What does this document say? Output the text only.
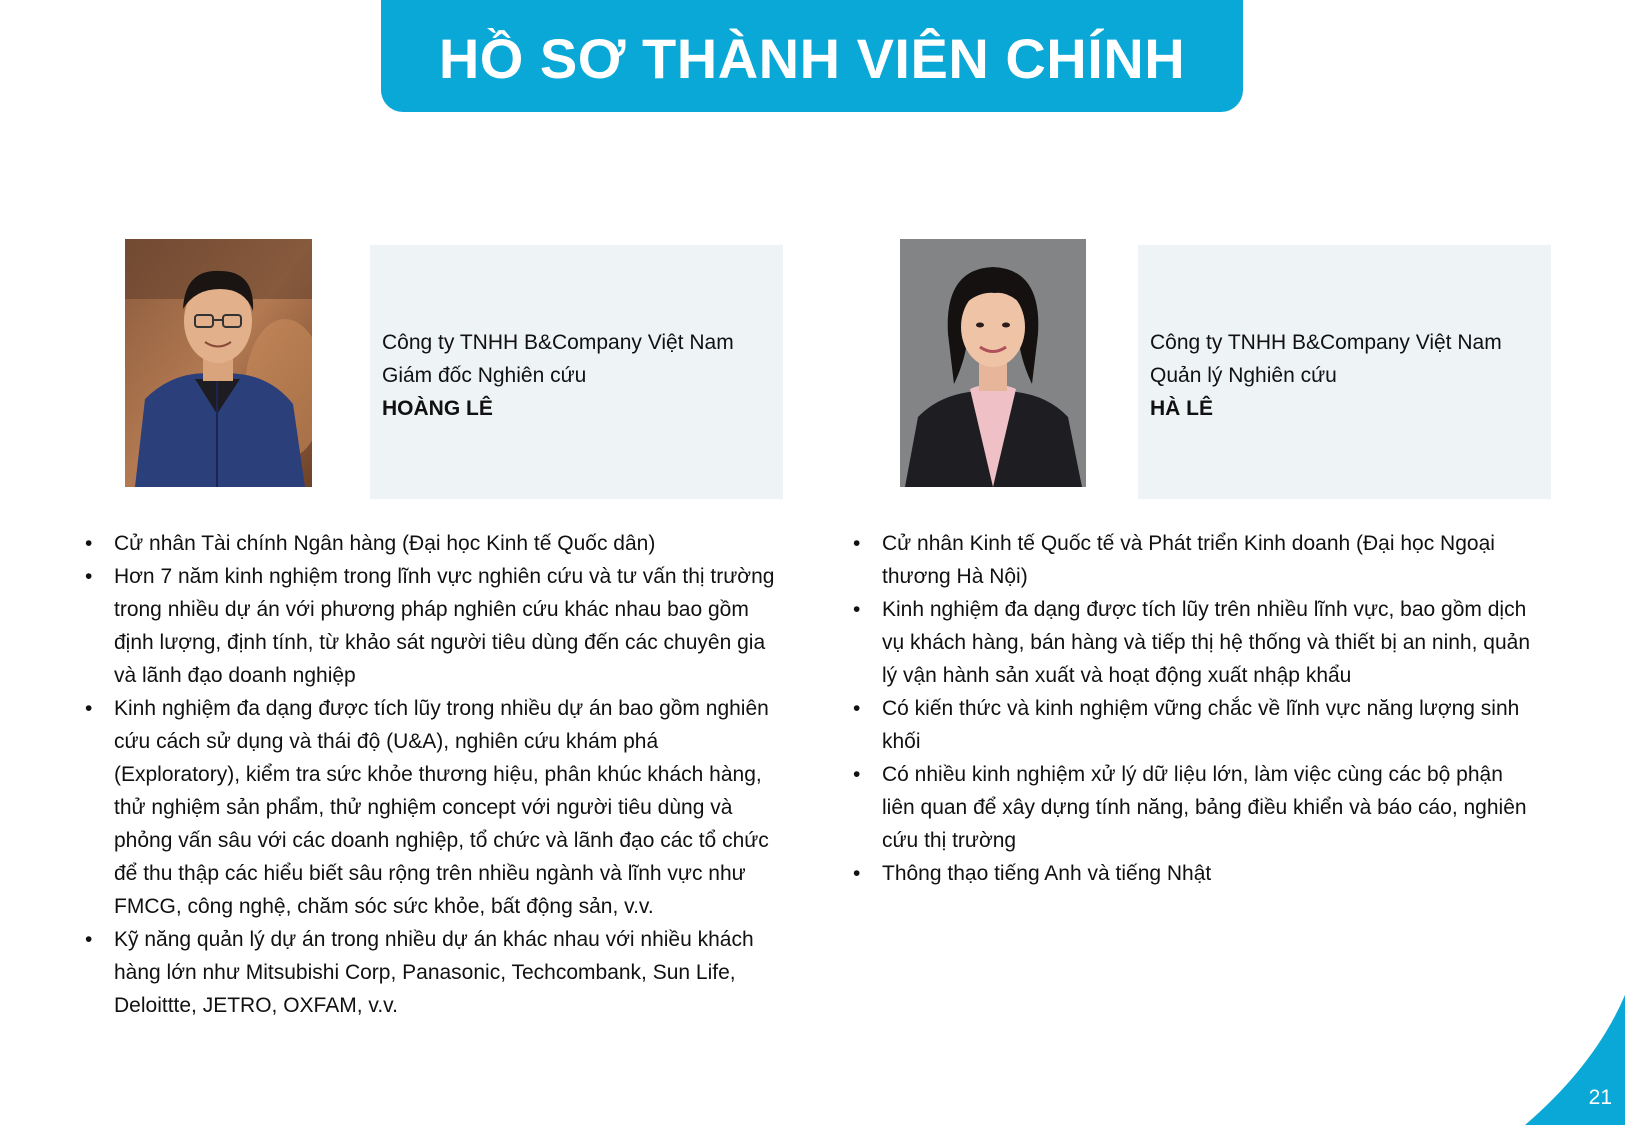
HỒ SƠ THÀNH VIÊN CHÍNH
Công ty TNHH B&Company Việt Nam
Giám đốc Nghiên cứu
HOÀNG LÊ
Công ty TNHH B&Company Việt Nam
Quản lý Nghiên cứu
HÀ LÊ
• Cử nhân Tài chính Ngân hàng (Đại học Kinh tế Quốc dân)
• Hơn 7 năm kinh nghiệm trong lĩnh vực nghiên cứu và tư vấn thị trường trong nhiều dự án với phương pháp nghiên cứu khác nhau bao gồm định lượng, định tính, từ khảo sát người tiêu dùng đến các chuyên gia và lãnh đạo doanh nghiệp
• Kinh nghiệm đa dạng được tích lũy trong nhiều dự án bao gồm nghiên cứu cách sử dụng và thái độ (U&A), nghiên cứu khám phá (Exploratory), kiểm tra sức khỏe thương hiệu, phân khúc khách hàng, thử nghiệm sản phẩm, thử nghiệm concept với người tiêu dùng và phỏng vấn sâu với các doanh nghiệp, tổ chức và lãnh đạo các tổ chức để thu thập các hiểu biết sâu rộng trên nhiều ngành và lĩnh vực như FMCG, công nghệ, chăm sóc sức khỏe, bất động sản, v.v.
• Kỹ năng quản lý dự án trong nhiều dự án khác nhau với nhiều khách hàng lớn như Mitsubishi Corp, Panasonic, Techcombank, Sun Life, Deloittte, JETRO, OXFAM, v.v.
• Cử nhân Kinh tế Quốc tế và Phát triển Kinh doanh (Đại học Ngoại thương Hà Nội)
• Kinh nghiệm đa dạng được tích lũy trên nhiều lĩnh vực, bao gồm dịch vụ khách hàng, bán hàng và tiếp thị hệ thống và thiết bị an ninh, quản lý vận hành sản xuất và hoạt động xuất nhập khẩu
• Có kiến thức và kinh nghiệm vững chắc về lĩnh vực năng lượng sinh khối
• Có nhiều kinh nghiệm xử lý dữ liệu lớn, làm việc cùng các bộ phận liên quan để xây dựng tính năng, bảng điều khiển và báo cáo, nghiên cứu thị trường
• Thông thạo tiếng Anh và tiếng Nhật
21
